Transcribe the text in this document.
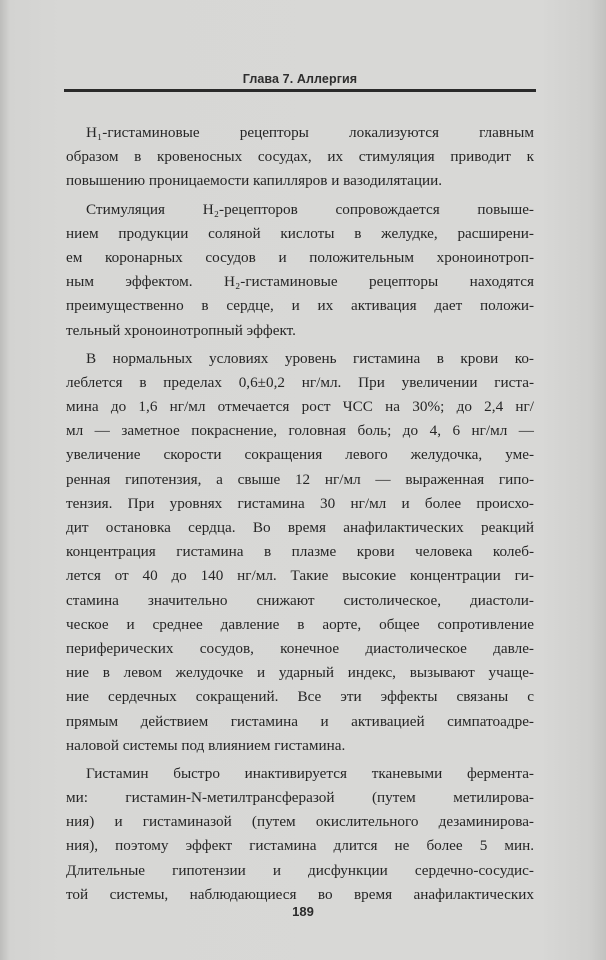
Глава 7. Аллергия
H₁-гистаминовые рецепторы локализуются главным
образом в кровеносных сосудах, их стимуляция приводит к
повышению проницаемости капилляров и вазодилятации.
Стимуляция H₂-рецепторов сопровождается повыше-
нием продукции соляной кислоты в желудке, расширени-
ем коронарных сосудов и положительным хроноинотроп-
ным эффектом. H₂-гистаминовые рецепторы находятся
преимущественно в сердце, и их активация дает положи-
тельный хроноинотропный эффект.
В нормальных условиях уровень гистамина в крови ко-
леблется в пределах 0,6±0,2 нг/мл. При увеличении гиста-
мина до 1,6 нг/мл отмечается рост ЧСС на 30%; до 2,4 нг/
мл — заметное покраснение, головная боль; до 4, 6 нг/мл —
увеличение скорости сокращения левого желудочка, уме-
ренная гипотензия, а свыше 12 нг/мл — выраженная гипо-
тензия. При уровнях гистамина 30 нг/мл и более происхо-
дит остановка сердца. Во время анафилактических реакций
концентрация гистамина в плазме крови человека колеб-
лется от 40 до 140 нг/мл. Такие высокие концентрации ги-
стамина значительно снижают систолическое, диастоли-
ческое и среднее давление в аорте, общее сопротивление
периферических сосудов, конечное диастолическое давле-
ние в левом желудочке и ударный индекс, вызывают учаще-
ние сердечных сокращений. Все эти эффекты связаны с
прямым действием гистамина и активацией симпатоадре-
наловой системы под влиянием гистамина.
Гистамин быстро инактивируется тканевыми фермента-
ми: гистамин-N-метилтрансферазой (путем метилирова-
ния) и гистаминазой (путем окислительного дезаминирова-
ния), поэтому эффект гистамина длится не более 5 мин.
Длительные гипотензии и дисфункции сердечно-сосудис-
той системы, наблюдающиеся во время анафилактических
189
